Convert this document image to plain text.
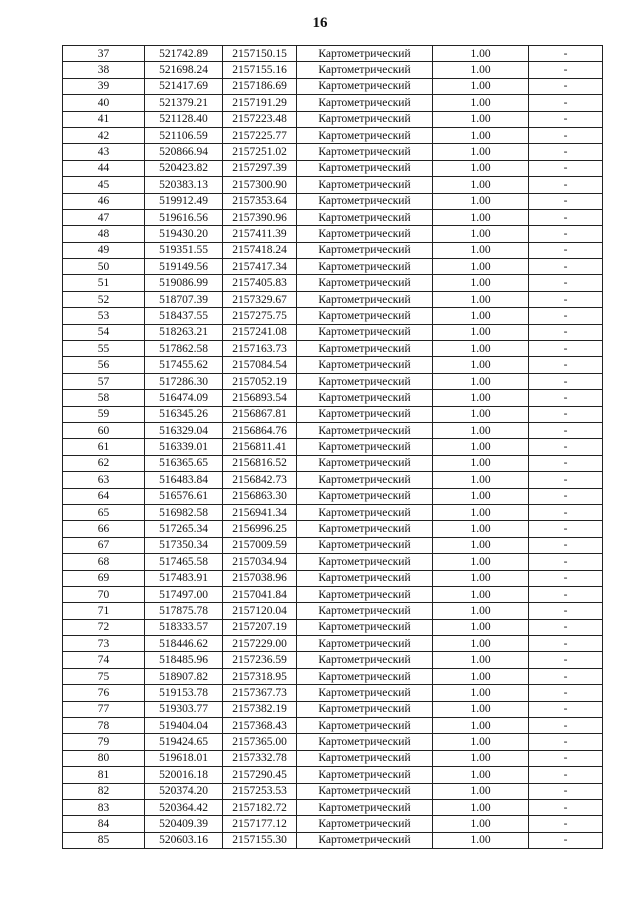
16
37	521742.89	2157150.15	Картометрический	1.00	-
38	521698.24	2157155.16	Картометрический	1.00	-
39	521417.69	2157186.69	Картометрический	1.00	-
40	521379.21	2157191.29	Картометрический	1.00	-
41	521128.40	2157223.48	Картометрический	1.00	-
42	521106.59	2157225.77	Картометрический	1.00	-
43	520866.94	2157251.02	Картометрический	1.00	-
44	520423.82	2157297.39	Картометрический	1.00	-
45	520383.13	2157300.90	Картометрический	1.00	-
46	519912.49	2157353.64	Картометрический	1.00	-
47	519616.56	2157390.96	Картометрический	1.00	-
48	519430.20	2157411.39	Картометрический	1.00	-
49	519351.55	2157418.24	Картометрический	1.00	-
50	519149.56	2157417.34	Картометрический	1.00	-
51	519086.99	2157405.83	Картометрический	1.00	-
52	518707.39	2157329.67	Картометрический	1.00	-
53	518437.55	2157275.75	Картометрический	1.00	-
54	518263.21	2157241.08	Картометрический	1.00	-
55	517862.58	2157163.73	Картометрический	1.00	-
56	517455.62	2157084.54	Картометрический	1.00	-
57	517286.30	2157052.19	Картометрический	1.00	-
58	516474.09	2156893.54	Картометрический	1.00	-
59	516345.26	2156867.81	Картометрический	1.00	-
60	516329.04	2156864.76	Картометрический	1.00	-
61	516339.01	2156811.41	Картометрический	1.00	-
62	516365.65	2156816.52	Картометрический	1.00	-
63	516483.84	2156842.73	Картометрический	1.00	-
64	516576.61	2156863.30	Картометрический	1.00	-
65	516982.58	2156941.34	Картометрический	1.00	-
66	517265.34	2156996.25	Картометрический	1.00	-
67	517350.34	2157009.59	Картометрический	1.00	-
68	517465.58	2157034.94	Картометрический	1.00	-
69	517483.91	2157038.96	Картометрический	1.00	-
70	517497.00	2157041.84	Картометрический	1.00	-
71	517875.78	2157120.04	Картометрический	1.00	-
72	518333.57	2157207.19	Картометрический	1.00	-
73	518446.62	2157229.00	Картометрический	1.00	-
74	518485.96	2157236.59	Картометрический	1.00	-
75	518907.82	2157318.95	Картометрический	1.00	-
76	519153.78	2157367.73	Картометрический	1.00	-
77	519303.77	2157382.19	Картометрический	1.00	-
78	519404.04	2157368.43	Картометрический	1.00	-
79	519424.65	2157365.00	Картометрический	1.00	-
80	519618.01	2157332.78	Картометрический	1.00	-
81	520016.18	2157290.45	Картометрический	1.00	-
82	520374.20	2157253.53	Картометрический	1.00	-
83	520364.42	2157182.72	Картометрический	1.00	-
84	520409.39	2157177.12	Картометрический	1.00	-
85	520603.16	2157155.30	Картометрический	1.00	-
